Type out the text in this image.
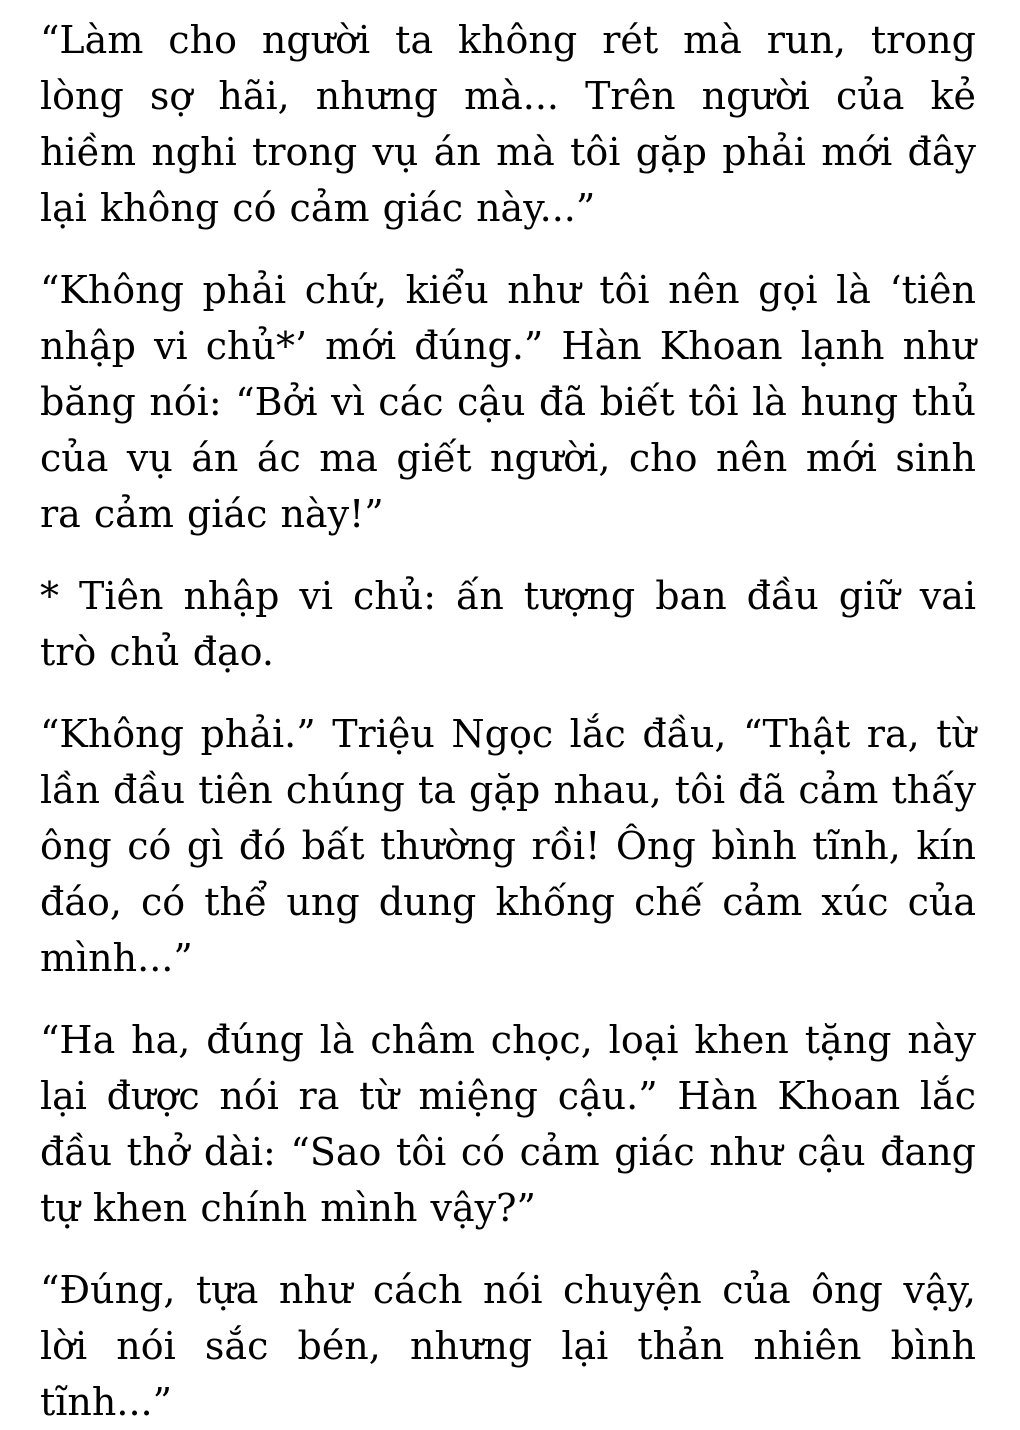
“Làm cho người ta không rét mà run, trong lòng sợ hãi, nhưng mà... Trên người của kẻ hiềm nghi trong vụ án mà tôi gặp phải mới đây lại không có cảm giác này...”

“Không phải chứ, kiểu như tôi nên gọi là ‘tiên nhập vi chủ*’ mới đúng.” Hàn Khoan lạnh như băng nói: “Bởi vì các cậu đã biết tôi là hung thủ của vụ án ác ma giết người, cho nên mới sinh ra cảm giác này!”

* Tiên nhập vi chủ: ấn tượng ban đầu giữ vai trò chủ đạo.

“Không phải.” Triệu Ngọc lắc đầu, “Thật ra, từ lần đầu tiên chúng ta gặp nhau, tôi đã cảm thấy ông có gì đó bất thường rồi! Ông bình tĩnh, kín đáo, có thể ung dung khống chế cảm xúc của mình...”

“Ha ha, đúng là châm chọc, loại khen tặng này lại được nói ra từ miệng cậu.” Hàn Khoan lắc đầu thở dài: “Sao tôi có cảm giác như cậu đang tự khen chính mình vậy?”

“Đúng, tựa như cách nói chuyện của ông vậy, lời nói sắc bén, nhưng lại thản nhiên bình tĩnh...”
